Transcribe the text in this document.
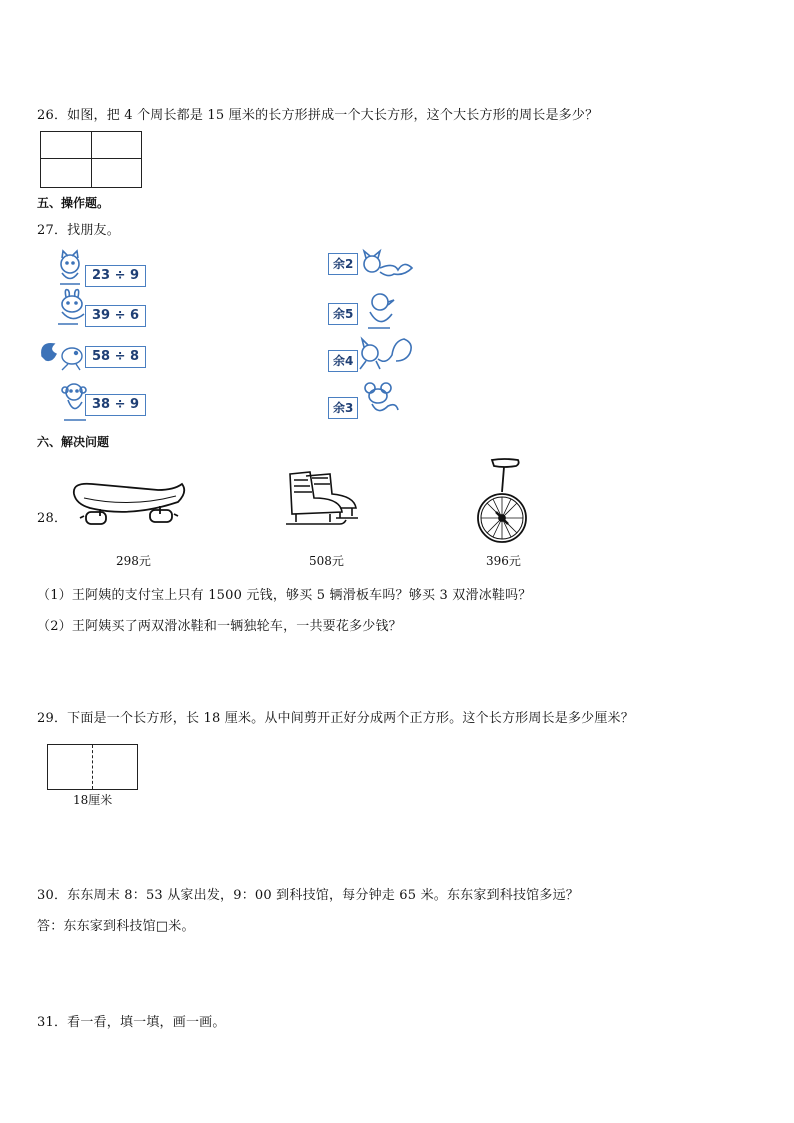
26．如图，把 4 个周长都是 15 厘米的长方形拼成一个大长方形，这个大长方形的周长是多少？
五、操作题。
27．找朋友。
23 ÷ 9
39 ÷ 6
58 ÷ 8
38 ÷ 9
余2
余5
余4
余3
六、解决问题
28．
298元	508元	396元
（1）王阿姨的支付宝上只有 1500 元钱，够买 5 辆滑板车吗？够买 3 双滑冰鞋吗？
（2）王阿姨买了两双滑冰鞋和一辆独轮车，一共要花多少钱？
29．下面是一个长方形，长 18 厘米。从中间剪开正好分成两个正方形。这个长方形周长是多少厘米？
18厘米
30．东东周末 8：53 从家出发，9：00 到科技馆，每分钟走 65 米。东东家到科技馆多远？
答：东东家到科技馆□米。
31．看一看，填一填，画一画。
